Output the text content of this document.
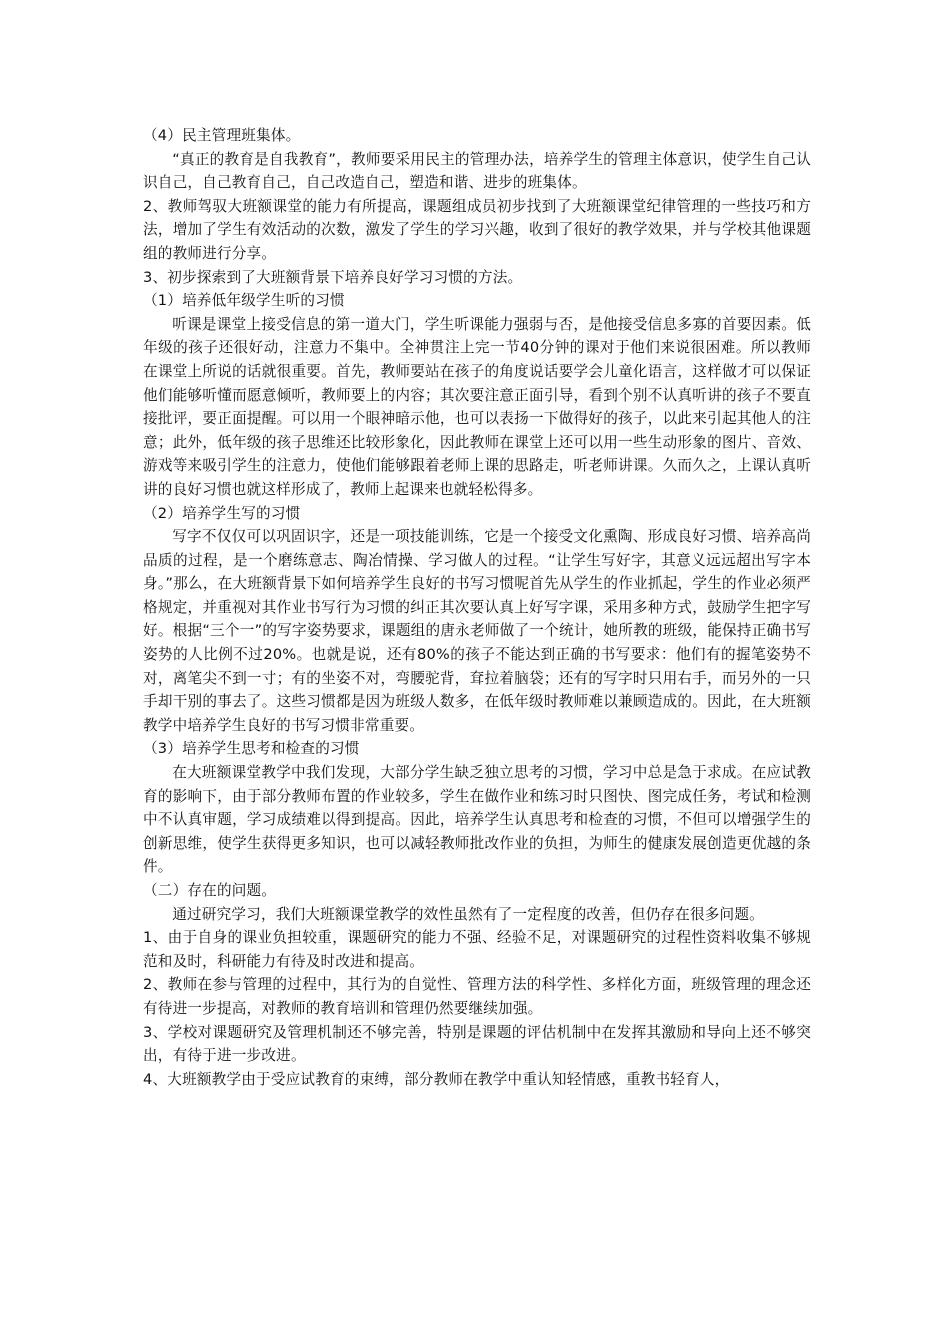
（4）民主管理班集体。

“真正的教育是自我教育”，教师要采用民主的管理办法，培养学生的管理主体意识，使学生自己认识自己，自己教育自己，自己改造自己，塑造和谐、进步的班集体。

2、教师驾驭大班额课堂的能力有所提高，课题组成员初步找到了大班额课堂纪律管理的一些技巧和方法，增加了学生有效活动的次数，激发了学生的学习兴趣，收到了很好的教学效果，并与学校其他课题组的教师进行分享。

3、初步探索到了大班额背景下培养良好学习习惯的方法。

（1）培养低年级学生听的习惯

听课是课堂上接受信息的第一道大门，学生听课能力强弱与否，是他接受信息多寡的首要因素。低年级的孩子还很好动，注意力不集中。全神贯注上完一节40分钟的课对于他们来说很困难。所以教师在课堂上所说的话就很重要。首先，教师要站在孩子的角度说话要学会儿童化语言，这样做才可以保证他们能够听懂而愿意倾听，教师要上的内容；其次要注意正面引导，看到个别不认真听讲的孩子不要直接批评，要正面提醒。可以用一个眼神暗示他，也可以表扬一下做得好的孩子，以此来引起其他人的注意；此外，低年级的孩子思维还比较形象化，因此教师在课堂上还可以用一些生动形象的图片、音效、游戏等来吸引学生的注意力，使他们能够跟着老师上课的思路走，听老师讲课。久而久之，上课认真听讲的良好习惯也就这样形成了，教师上起课来也就轻松得多。

（2）培养学生写的习惯

写字不仅仅可以巩固识字，还是一项技能训练，它是一个接受文化熏陶、形成良好习惯、培养高尚品质的过程，是一个磨练意志、陶冶情操、学习做人的过程。“让学生写好字，其意义远远超出写字本身。”那么，在大班额背景下如何培养学生良好的书写习惯呢首先从学生的作业抓起，学生的作业必须严格规定，并重视对其作业书写行为习惯的纠正其次要认真上好写字课，采用多种方式，鼓励学生把字写好。根据“三个一”的写字姿势要求，课题组的唐永老师做了一个统计，她所教的班级，能保持正确书写姿势的人比例不过20%。也就是说，还有80%的孩子不能达到正确的书写要求：他们有的握笔姿势不对，离笔尖不到一寸；有的坐姿不对，弯腰驼背，耷拉着脑袋；还有的写字时只用右手，而另外的一只手却干别的事去了。这些习惯都是因为班级人数多，在低年级时教师难以兼顾造成的。因此，在大班额教学中培养学生良好的书写习惯非常重要。

（3）培养学生思考和检查的习惯

在大班额课堂教学中我们发现，大部分学生缺乏独立思考的习惯，学习中总是急于求成。在应试教育的影响下，由于部分教师布置的作业较多，学生在做作业和练习时只图快、图完成任务，考试和检测中不认真审题，学习成绩难以得到提高。因此，培养学生认真思考和检查的习惯，不但可以增强学生的创新思维，使学生获得更多知识，也可以减轻教师批改作业的负担，为师生的健康发展创造更优越的条件。

（二）存在的问题。

通过研究学习，我们大班额课堂教学的效性虽然有了一定程度的改善，但仍存在很多问题。

1、由于自身的课业负担较重，课题研究的能力不强、经验不足，对课题研究的过程性资料收集不够规范和及时，科研能力有待及时改进和提高。

2、教师在参与管理的过程中，其行为的自觉性、管理方法的科学性、多样化方面，班级管理的理念还有待进一步提高，对教师的教育培训和管理仍然要继续加强。

3、学校对课题研究及管理机制还不够完善，特别是课题的评估机制中在发挥其激励和导向上还不够突出，有待于进一步改进。

4、大班额教学由于受应试教育的束缚，部分教师在教学中重认知轻情感，重教书轻育人，
